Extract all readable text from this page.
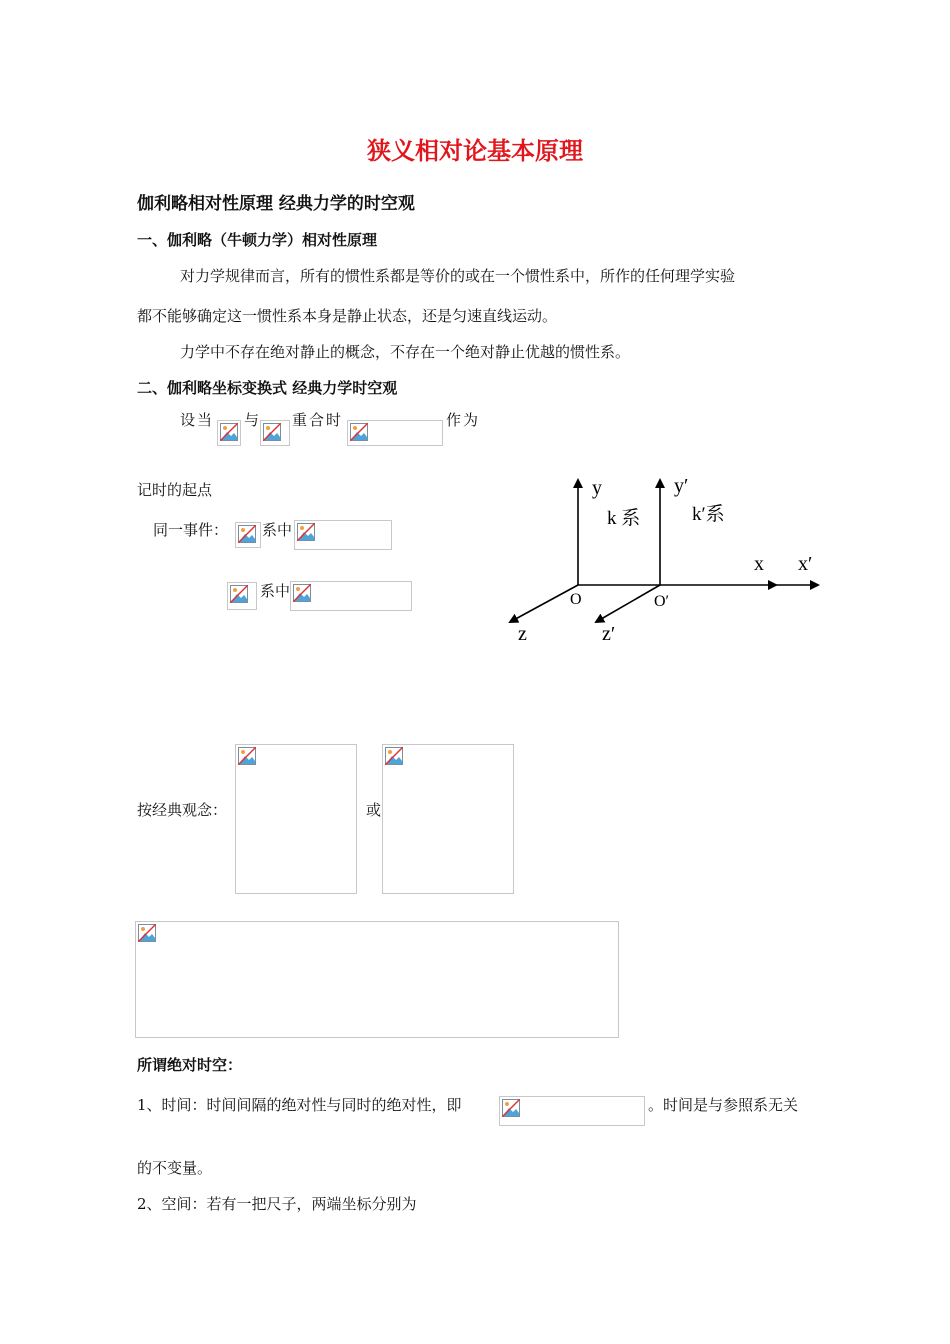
狭义相对论基本原理
伽利略相对性原理 经典力学的时空观
一、伽利略（牛顿力学）相对性原理
对力学规律而言，所有的惯性系都是等价的或在一个惯性系中，所作的任何理学实验
都不能够确定这一惯性系本身是静止状态，还是匀速直线运动。
力学中不存在绝对静止的概念，不存在一个绝对静止优越的惯性系。
二、伽利略坐标变换式 经典力学时空观
设当 与 重合时	作为
记时的起点
同一事件： 系中
系中
y
k 系
y′
k′系
x x′
O	O′
z	z′
按经典观念：	或
所谓绝对时空：
1、时间：时间间隔的绝对性与同时的绝对性，即	。时间是与参照系无关
的不变量。
2、空间：若有一把尺子，两端坐标分别为
